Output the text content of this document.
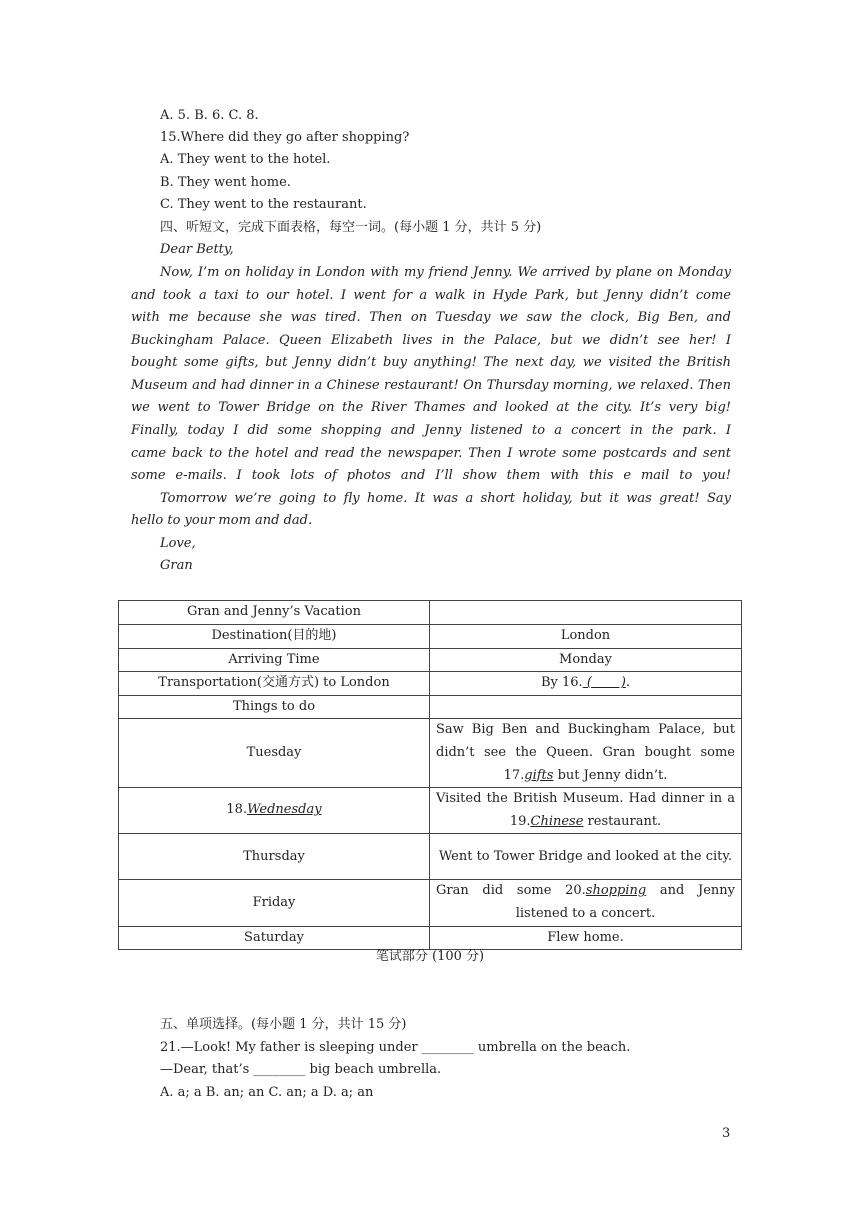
A. 5. B. 6. C. 8.
15.Where did they go after shopping?
A. They went to the hotel.
B. They went home.
C. They went to the restaurant.
四、听短文，完成下面表格，每空一词。(每小题 1 分，共计 5 分)
Dear Betty,
Now, I’m on holiday in London with my friend Jenny. We arrived by plane on Monday
and took a taxi to our hotel. I went for a walk in Hyde Park, but Jenny didn’t come
with me because she was tired. Then on Tuesday we saw the clock, Big Ben, and
Buckingham Palace. Queen Elizabeth lives in the Palace, but we didn’t see her! I
bought some gifts, but Jenny didn’t buy anything! The next day, we visited the British
Museum and had dinner in a Chinese restaurant! On Thursday morning, we relaxed. Then
we went to Tower Bridge on the River Thames and looked at the city. It’s very big!
Finally, today I did some shopping and Jenny listened to a concert in the park. I
came back to the hotel and read the newspaper. Then I wrote some postcards and sent
some e-mails. I took lots of photos and I’ll show them with this e mail to you!
Tomorrow we’re going to fly home. It was a short holiday, but it was great! Say
hello to your mom and dad.
Love,
Gran
Gran and Jenny’s Vacation	
Destination(目的地)	London
Arriving Time	Monday
Transportation(交通方式) to London	By 16. (       ).
Things to do	
Tuesday	Saw Big Ben and Buckingham Palace, but didn’t see the Queen. Gran bought some 17.gifts but Jenny didn’t.
18.Wednesday	Visited the British Museum. Had dinner in a 19.Chinese restaurant.
Thursday	Went to Tower Bridge and looked at the city.
Friday	Gran did some 20.shopping and Jenny listened to a concert.
Saturday	Flew home.
笔试部分 (100 分)
五、单项选择。(每小题 1 分，共计 15 分)
21.—Look! My father is sleeping under ________ umbrella on the beach.
—Dear, that’s ________ big beach umbrella.
A. a; a B. an; an C. an; a D. a; an
3
